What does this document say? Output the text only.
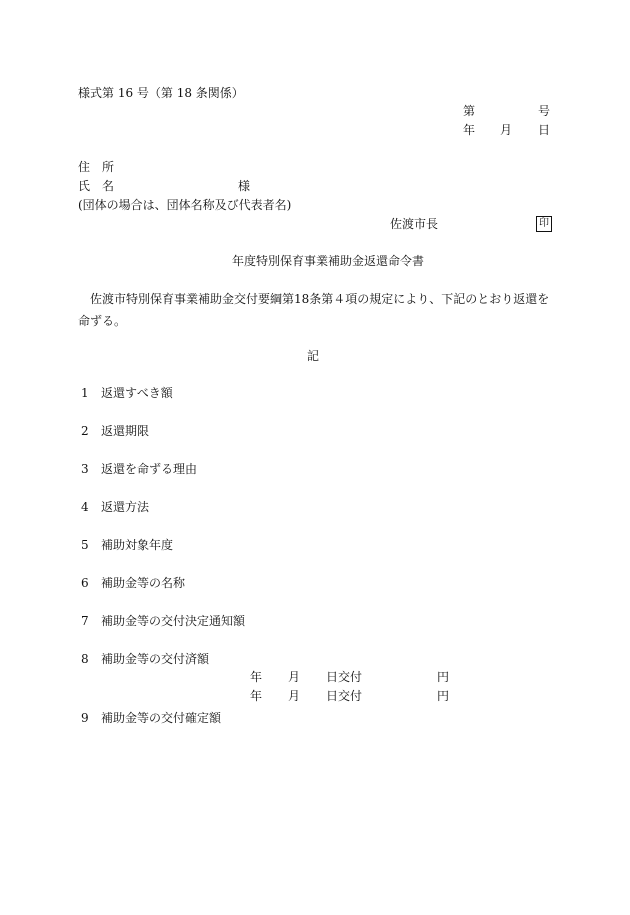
様式第 16 号（第 18 条関係）
第	号
年 月 日
住　所
氏　名	様
(団体の場合は、団体名称及び代表者名)
佐渡市長	印
年度特別保育事業補助金返還命令書
　佐渡市特別保育事業補助金交付要綱第18条第４項の規定により、下記のとおり返還を命ずる。
記
1 返還すべき額
2 返還期限
3 返還を命ずる理由
4 返還方法
5 補助対象年度
6 補助金等の名称
7 補助金等の交付決定通知額
8 補助金等の交付済額
年 月 日交付	円
年 月 日交付	円
9 補助金等の交付確定額
